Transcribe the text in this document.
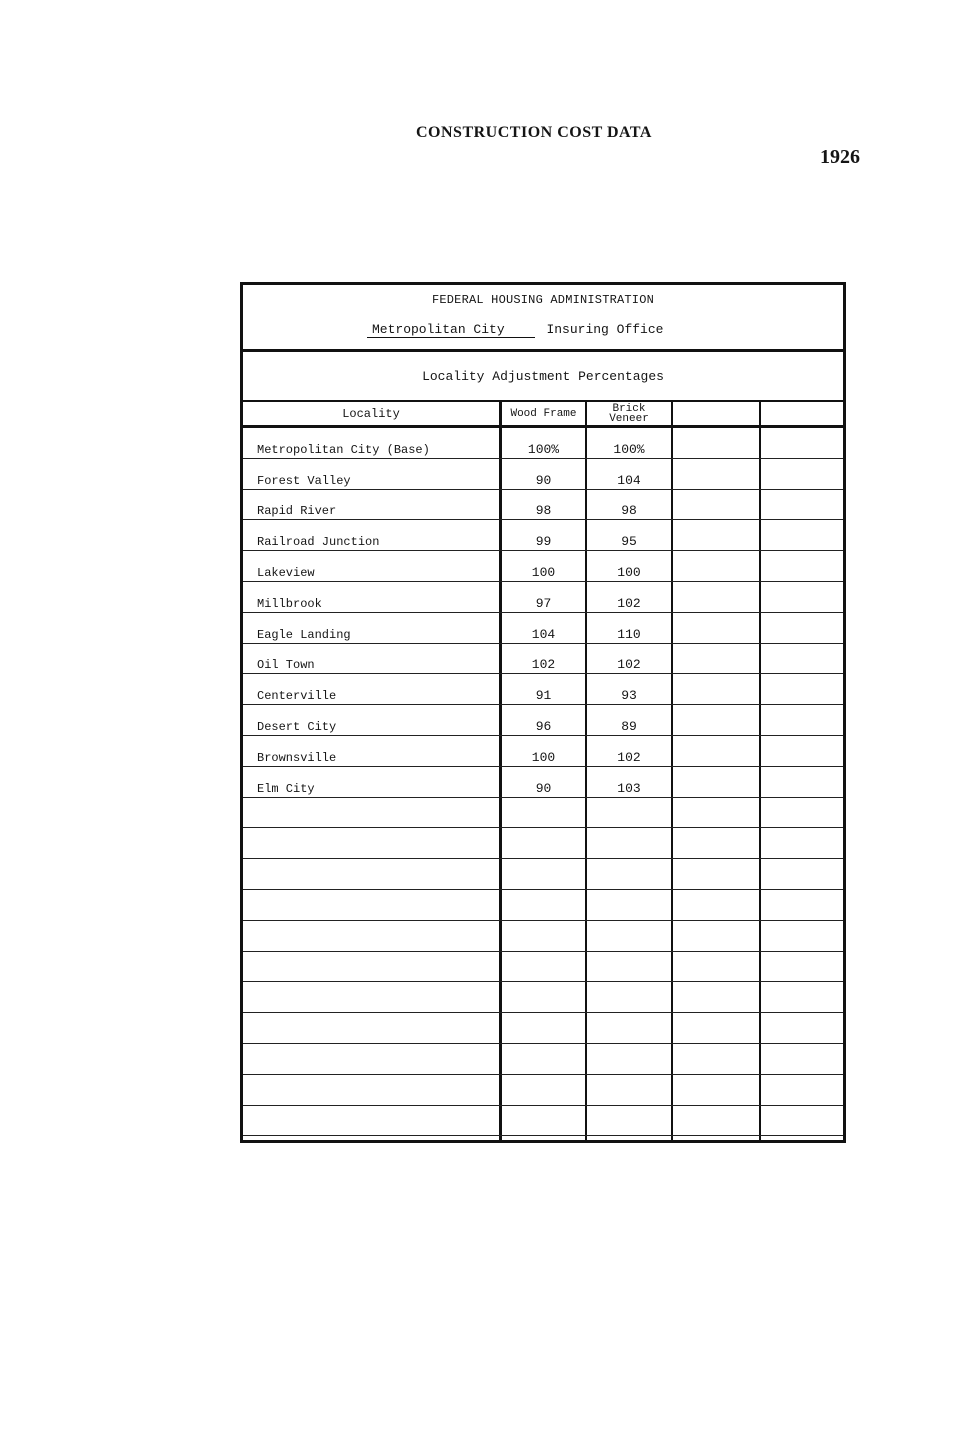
CONSTRUCTION COST DATA
1926
FEDERAL HOUSING ADMINISTRATION
Metropolitan City	Insuring Office
Locality Adjustment Percentages
Locality	Wood Frame	Brick
Veneer
Metropolitan City (Base)	100%	100%
Forest Valley	90	104
Rapid River	98	98
Railroad Junction	99	95
Lakeview	100	100
Millbrook	97	102
Eagle Landing	104	110
Oil Town	102	102
Centerville	91	93
Desert City	96	89
Brownsville	100	102
Elm City	90	103
